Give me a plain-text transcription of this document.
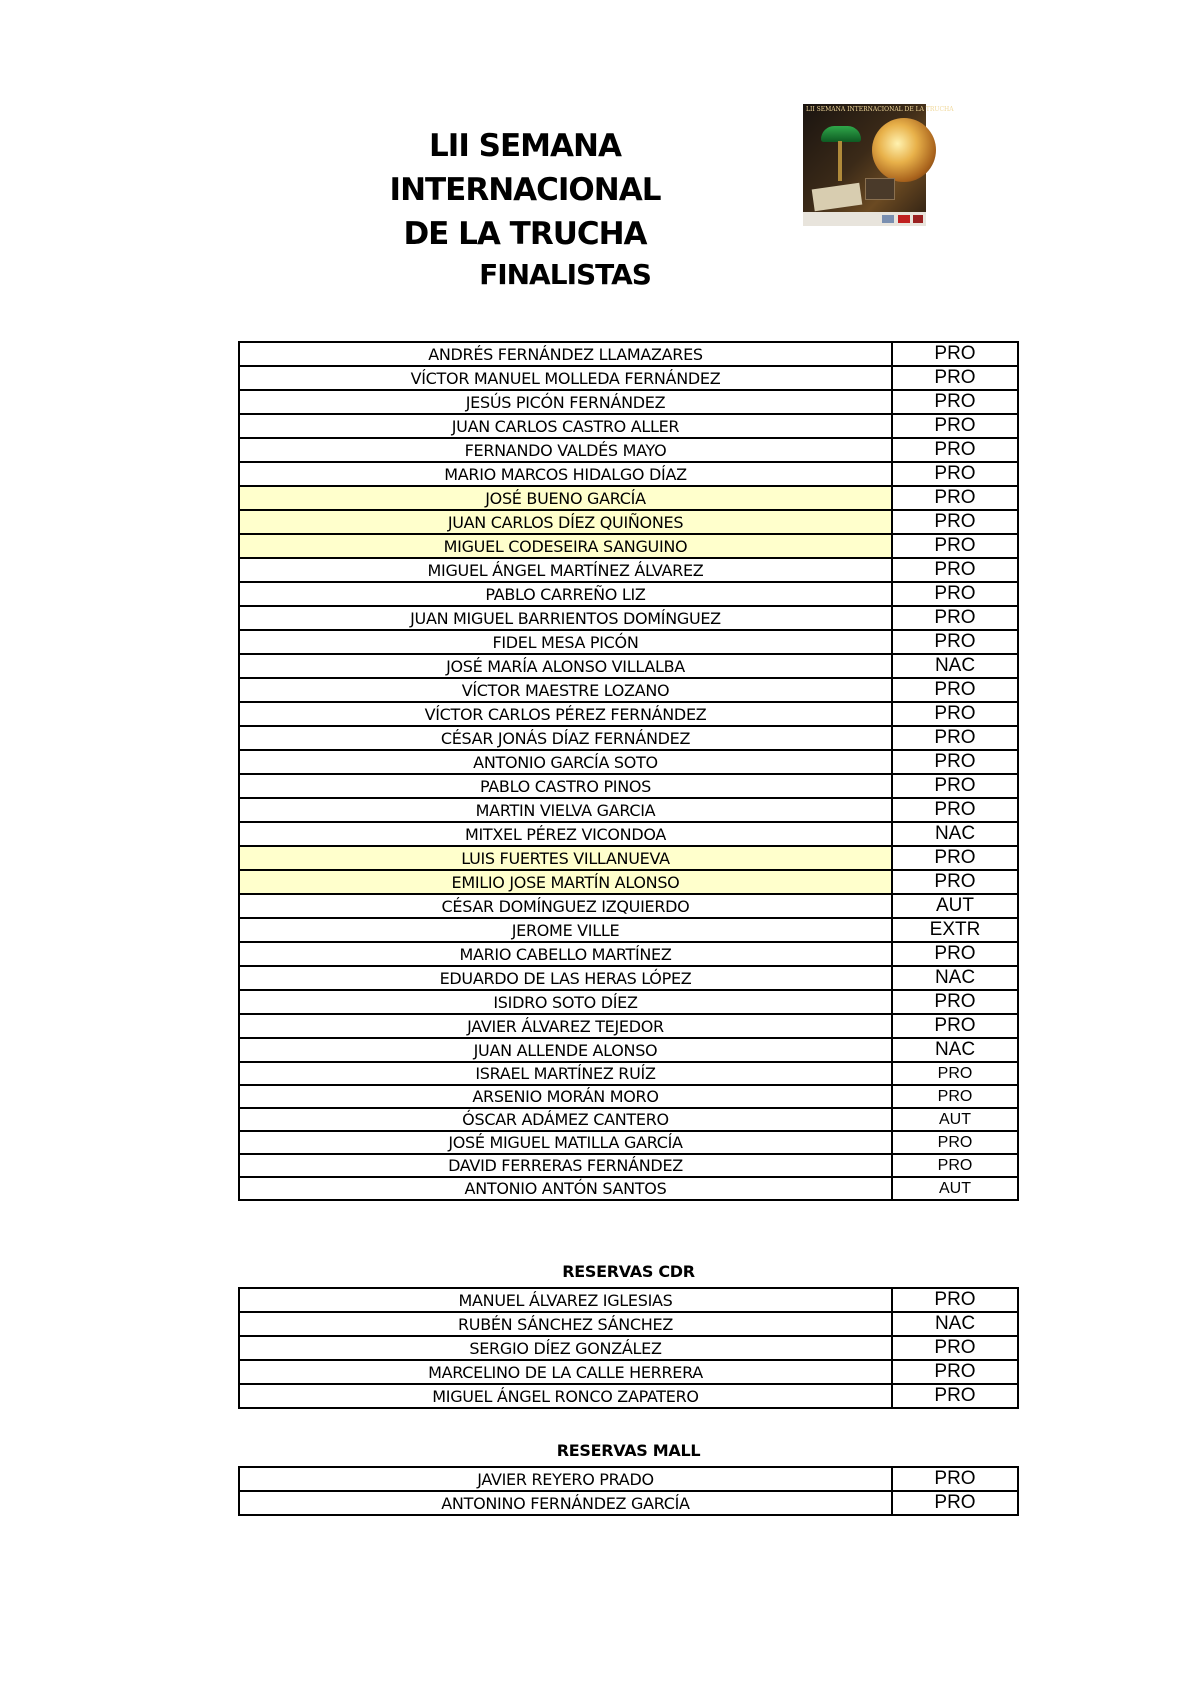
LII SEMANA INTERNACIONAL
DE LA TRUCHA
LII SEMANA INTERNACIONAL DE LA TRUCHA
FINALISTAS
ANDRÉS FERNÁNDEZ LLAMAZARES	PRO
VÍCTOR MANUEL MOLLEDA FERNÁNDEZ	PRO
JESÚS PICÓN FERNÁNDEZ	PRO
JUAN CARLOS CASTRO ALLER	PRO
FERNANDO VALDÉS MAYO	PRO
MARIO MARCOS HIDALGO DÍAZ	PRO
JOSÉ BUENO GARCÍA	PRO
JUAN CARLOS DÍEZ QUIÑONES	PRO
MIGUEL CODESEIRA SANGUINO	PRO
MIGUEL ÁNGEL MARTÍNEZ ÁLVAREZ	PRO
PABLO CARREÑO LIZ	PRO
JUAN MIGUEL BARRIENTOS DOMÍNGUEZ	PRO
FIDEL MESA PICÓN	PRO
JOSÉ MARÍA ALONSO VILLALBA	NAC
VÍCTOR MAESTRE LOZANO	PRO
VÍCTOR CARLOS PÉREZ FERNÁNDEZ	PRO
CÉSAR JONÁS DÍAZ FERNÁNDEZ	PRO
ANTONIO GARCÍA SOTO	PRO
PABLO CASTRO PINOS	PRO
MARTIN VIELVA GARCIA	PRO
MITXEL PÉREZ VICONDOA	NAC
LUIS FUERTES VILLANUEVA	PRO
EMILIO JOSE MARTÍN ALONSO	PRO
CÉSAR DOMÍNGUEZ IZQUIERDO	AUT
JEROME VILLE	EXTR
MARIO CABELLO MARTÍNEZ	PRO
EDUARDO DE LAS HERAS LÓPEZ	NAC
ISIDRO SOTO DÍEZ	PRO
JAVIER ÁLVAREZ TEJEDOR	PRO
JUAN ALLENDE ALONSO	NAC
ISRAEL MARTÍNEZ RUÍZ	PRO
ARSENIO MORÁN MORO	PRO
ÓSCAR ADÁMEZ CANTERO	AUT
JOSÉ MIGUEL MATILLA GARCÍA	PRO
DAVID FERRERAS FERNÁNDEZ	PRO
ANTONIO ANTÓN SANTOS	AUT
RESERVAS CDR
MANUEL ÁLVAREZ IGLESIAS	PRO
RUBÉN SÁNCHEZ SÁNCHEZ	NAC
SERGIO DÍEZ GONZÁLEZ	PRO
MARCELINO DE LA CALLE HERRERA	PRO
MIGUEL ÁNGEL RONCO ZAPATERO	PRO
RESERVAS MALL
JAVIER REYERO PRADO	PRO
ANTONINO FERNÁNDEZ GARCÍA	PRO
